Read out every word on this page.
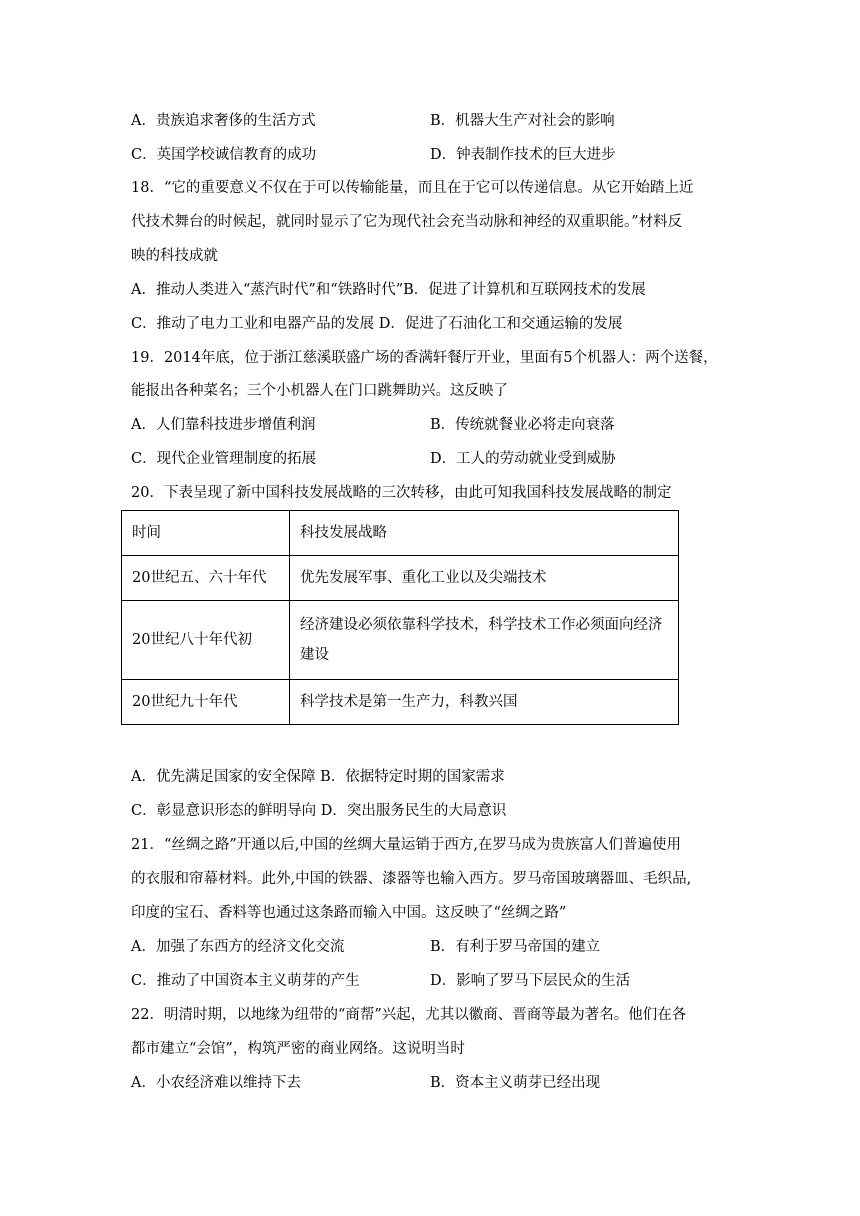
A．贵族追求奢侈的生活方式	B．机器大生产对社会的影响
C．英国学校诚信教育的成功	D．钟表制作技术的巨大进步
18．“它的重要意义不仅在于可以传输能量，而且在于它可以传递信息。从它开始踏上近
代技术舞台的时候起，就同时显示了它为现代社会充当动脉和神经的双重职能。”材料反
映的科技成就
A．推动人类进入“蒸汽时代”和“铁路时代”B．促进了计算机和互联网技术的发展
C．推动了电力工业和电器产品的发展 D．促进了石油化工和交通运输的发展
19．2014年底，位于浙江慈溪联盛广场的香满轩餐厅开业，里面有5个机器人：两个送餐，
能报出各种菜名；三个小机器人在门口跳舞助兴。这反映了
A．人们靠科技进步增值利润	B．传统就餐业必将走向衰落
C．现代企业管理制度的拓展	D．工人的劳动就业受到威胁
20．下表呈现了新中国科技发展战略的三次转移，由此可知我国科技发展战略的制定
时间	科技发展战略
20世纪五、六十年代	优先发展军事、重化工业以及尖端技术
20世纪八十年代初	经济建设必须依靠科学技术，科学技术工作必须面向经济建设
20世纪九十年代	科学技术是第一生产力，科教兴国
A．优先满足国家的安全保障 B．依据特定时期的国家需求
C．彰显意识形态的鲜明导向 D．突出服务民生的大局意识
21．“丝绸之路”开通以后,中国的丝绸大量运销于西方,在罗马成为贵族富人们普遍使用
的衣服和帘幕材料。此外,中国的铁器、漆器等也输入西方。罗马帝国玻璃器皿、毛织品,
印度的宝石、香料等也通过这条路而输入中国。这反映了“丝绸之路”
A．加强了东西方的经济文化交流	B．有利于罗马帝国的建立
C．推动了中国资本主义萌芽的产生	D．影响了罗马下层民众的生活
22．明清时期，以地缘为纽带的“商帮”兴起，尤其以徽商、晋商等最为著名。他们在各
都市建立“会馆”，构筑严密的商业网络。这说明当时
A．小农经济难以维持下去	B．资本主义萌芽已经出现
